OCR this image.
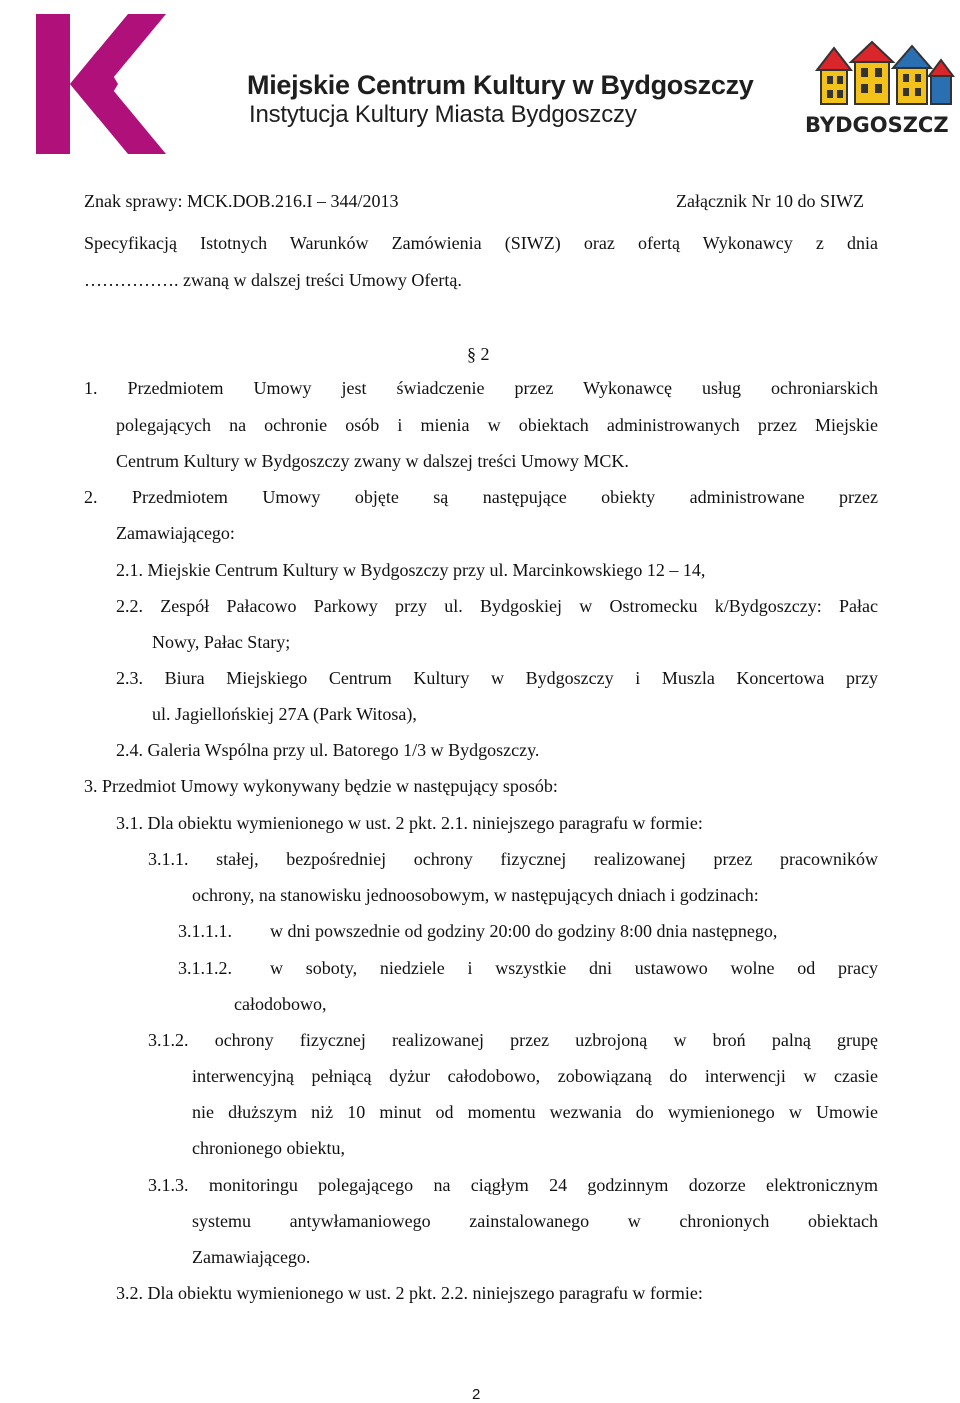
Miejskie Centrum Kultury w Bydgoszczy
Instytucja Kultury Miasta Bydgoszczy	BYDGOSZCZ
Znak sprawy: MCK.DOB.216.I – 344/2013	Załącznik Nr 10 do SIWZ
Specyfikacją Istotnych Warunków Zamówienia (SIWZ) oraz ofertą Wykonawcy z dnia
……………. zwaną w dalszej treści Umowy Ofertą.
§ 2
1. Przedmiotem Umowy jest świadczenie przez Wykonawcę usług ochroniarskich
polegających na ochronie osób i mienia w obiektach administrowanych przez Miejskie
Centrum Kultury w Bydgoszczy zwany w dalszej treści Umowy MCK.
2. Przedmiotem Umowy objęte są następujące obiekty administrowane przez
Zamawiającego:
2.1. Miejskie Centrum Kultury w Bydgoszczy przy ul. Marcinkowskiego 12 – 14,
2.2. Zespół Pałacowo Parkowy przy ul. Bydgoskiej w Ostromecku k/Bydgoszczy: Pałac
Nowy, Pałac Stary;
2.3. Biura Miejskiego Centrum Kultury w Bydgoszczy i Muszla Koncertowa przy
ul. Jagiellońskiej 27A (Park Witosa),
2.4. Galeria Wspólna przy ul. Batorego 1/3 w Bydgoszczy.
3. Przedmiot Umowy wykonywany będzie w następujący sposób:
3.1. Dla obiektu wymienionego w ust. 2 pkt. 2.1. niniejszego paragrafu w formie:
3.1.1. stałej, bezpośredniej ochrony fizycznej realizowanej przez pracowników
ochrony, na stanowisku jednoosobowym, w następujących dniach i godzinach:
3.1.1.1. w dni powszednie od godziny 20:00 do godziny 8:00 dnia następnego,
3.1.1.2. w soboty, niedziele i wszystkie dni ustawowo wolne od pracy
całodobowo,
3.1.2. ochrony fizycznej realizowanej przez uzbrojoną w broń palną grupę
interwencyjną pełniącą dyżur całodobowo, zobowiązaną do interwencji w czasie
nie dłuższym niż 10 minut od momentu wezwania do wymienionego w Umowie
chronionego obiektu,
3.1.3. monitoringu polegającego na ciągłym 24 godzinnym dozorze elektronicznym
systemu antywłamaniowego zainstalowanego w chronionych obiektach
Zamawiającego.
3.2. Dla obiektu wymienionego w ust. 2 pkt. 2.2. niniejszego paragrafu w formie:
2
